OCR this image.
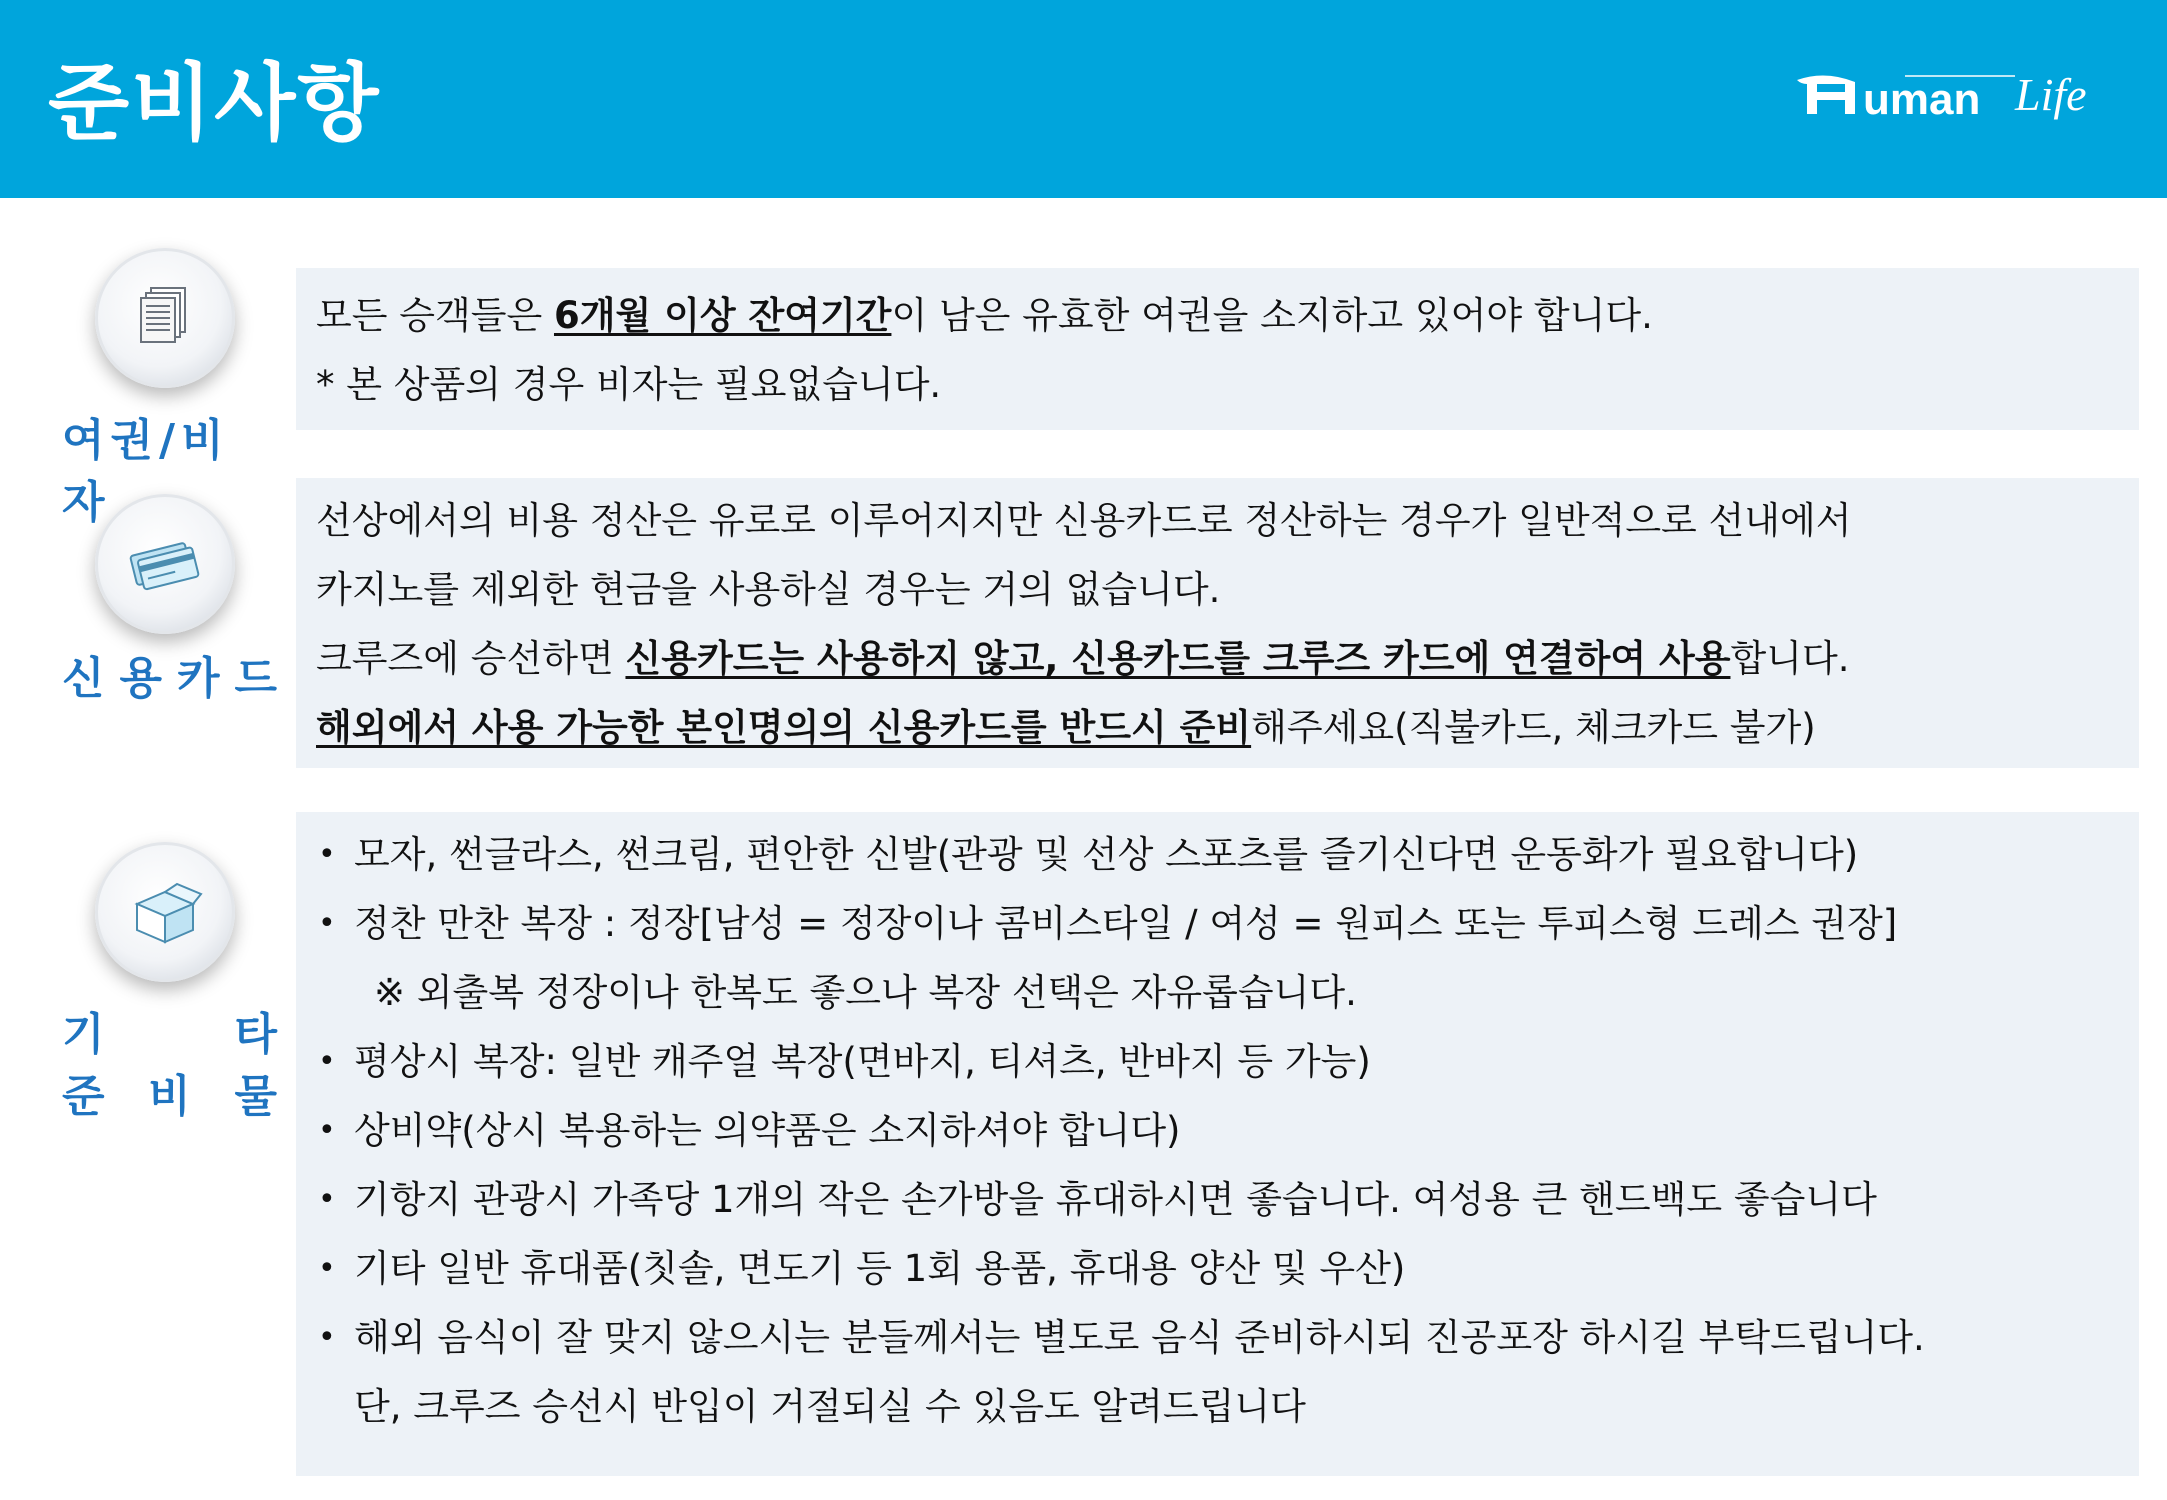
준비사항	uman Life
여권/비자
모든 승객들은 6개월 이상 잔여기간이 남은 유효한 여권을 소지하고 있어야 합니다.
* 본 상품의 경우 비자는 필요없습니다.
신 용 카 드
선상에서의 비용 정산은 유로로 이루어지지만 신용카드로 정산하는 경우가 일반적으로 선내에서
카지노를 제외한 현금을 사용하실 경우는 거의 없습니다.
크루즈에 승선하면 신용카드는 사용하지 않고, 신용카드를 크루즈 카드에 연결하여 사용합니다.
해외에서 사용 가능한 본인명의의 신용카드를 반드시 준비해주세요(직불카드, 체크카드 불가)
기	타
준 비 물
• 모자, 썬글라스, 썬크림, 편안한 신발(관광 및 선상 스포츠를 즐기신다면 운동화가 필요합니다)
• 정찬 만찬 복장 : 정장[남성 = 정장이나 콤비스타일 / 여성 = 원피스 또는 투피스형 드레스 권장]
※ 외출복 정장이나 한복도 좋으나 복장 선택은 자유롭습니다.
• 평상시 복장: 일반 캐주얼 복장(면바지, 티셔츠, 반바지 등 가능)
• 상비약(상시 복용하는 의약품은 소지하셔야 합니다)
• 기항지 관광시 가족당 1개의 작은 손가방을 휴대하시면 좋습니다. 여성용 큰 핸드백도 좋습니다
• 기타 일반 휴대품(칫솔, 면도기 등 1회 용품, 휴대용 양산 및 우산)
• 해외 음식이 잘 맞지 않으시는 분들께서는 별도로 음식 준비하시되 진공포장 하시길 부탁드립니다.
단, 크루즈 승선시 반입이 거절되실 수 있음도 알려드립니다
